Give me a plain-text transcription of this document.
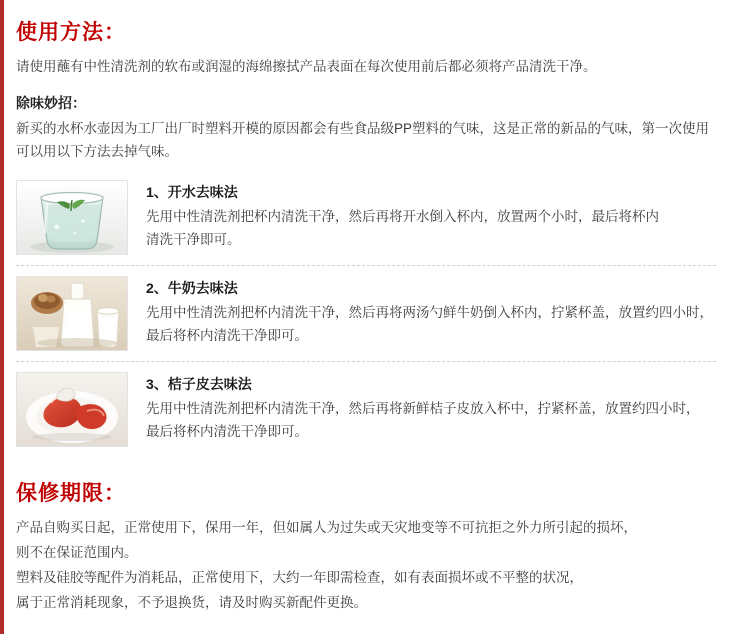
使用方法：
请使用蘸有中性清洗剂的软布或润湿的海绵擦拭产品表面在每次使用前后都必须将产品清洗干净。
除味妙招：
新买的水杯水壶因为工厂出厂时塑料开模的原因都会有些食品级PP塑料的气味，这是正常的新品的气味，第一次使用
可以用以下方法去掉气味。
1、开水去味法
先用中性清洗剂把杯内清洗干净，然后再将开水倒入杯内，放置两个小时，最后将杯内
清洗干净即可。
2、牛奶去味法
先用中性清洗剂把杯内清洗干净，然后再将两汤勺鲜牛奶倒入杯内，拧紧杯盖，放置约四小时，
最后将杯内清洗干净即可。
3、桔子皮去味法
先用中性清洗剂把杯内清洗干净，然后再将新鲜桔子皮放入杯中，拧紧杯盖，放置约四小时，
最后将杯内清洗干净即可。
保修期限：

产品自购买日起，正常使用下，保用一年，但如属人为过失或天灾地变等不可抗拒之外力所引起的损坏，

则不在保证范围内。

塑料及硅胶等配件为消耗品，正常使用下，大约一年即需检查，如有表面损坏或不平整的状况，

属于正常消耗现象，不予退换货，请及时购买新配件更换。
